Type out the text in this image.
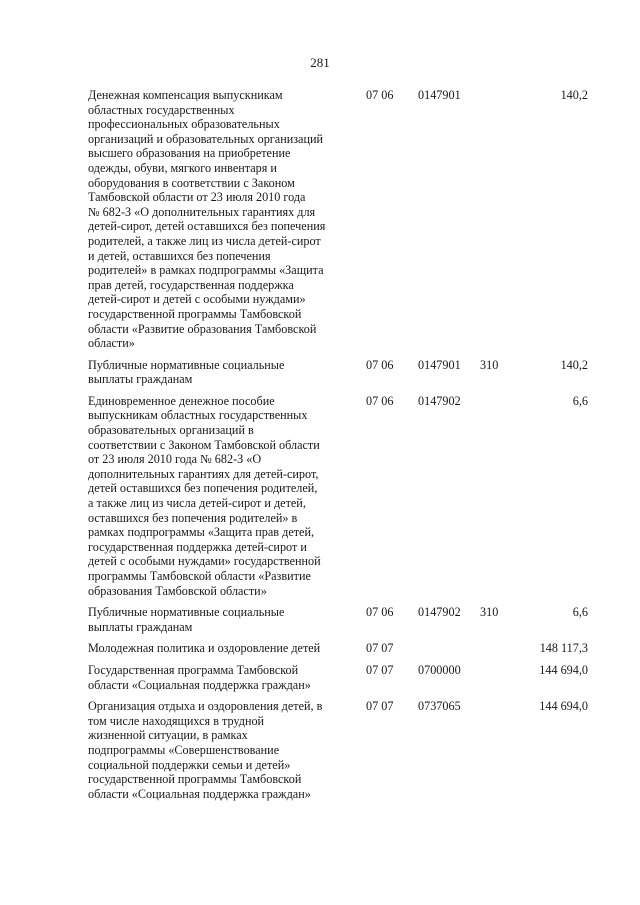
281
Денежная компенсация выпускникам
областных государственных
профессиональных образовательных
организаций и образовательных организаций
высшего образования на приобретение
одежды, обуви, мягкого инвентаря и
оборудования в соответствии с Законом
Тамбовской области от 23 июля 2010 года
№ 682-З «О дополнительных гарантиях для
детей-сирот, детей оставшихся без попечения
родителей, а также лиц из числа детей-сирот
и детей, оставшихся без попечения
родителей» в рамках подпрограммы «Защита
прав детей, государственная поддержка
детей-сирот и детей с особыми нуждами»
государственной программы Тамбовской
области «Развитие образования Тамбовской
области»
07 06 0147901	140,2
Публичные нормативные социальные
выплаты гражданам
07 06 0147901 310	140,2
Единовременное денежное пособие
выпускникам областных государственных
образовательных организаций в
соответствии с Законом Тамбовской области
от 23 июля 2010 года № 682-З «О
дополнительных гарантиях для детей-сирот,
детей оставшихся без попечения родителей,
а также лиц из числа детей-сирот и детей,
оставшихся без попечения родителей» в
рамках подпрограммы «Защита прав детей,
государственная поддержка детей-сирот и
детей с особыми нуждами» государственной
программы Тамбовской области «Развитие
образования Тамбовской области»
07 06 0147902	6,6
Публичные нормативные социальные
выплаты гражданам
07 06 0147902 310	6,6
Молодежная политика и оздоровление детей	07 07	148 117,3
Государственная программа Тамбовской
области «Социальная поддержка граждан»
07 07 0700000	144 694,0
Организация отдыха и оздоровления детей, в
том числе находящихся в трудной
жизненной ситуации, в рамках
подпрограммы «Совершенствование
социальной поддержки семьи и детей»
государственной программы Тамбовской
области «Социальная поддержка граждан»
07 07 0737065	144 694,0
